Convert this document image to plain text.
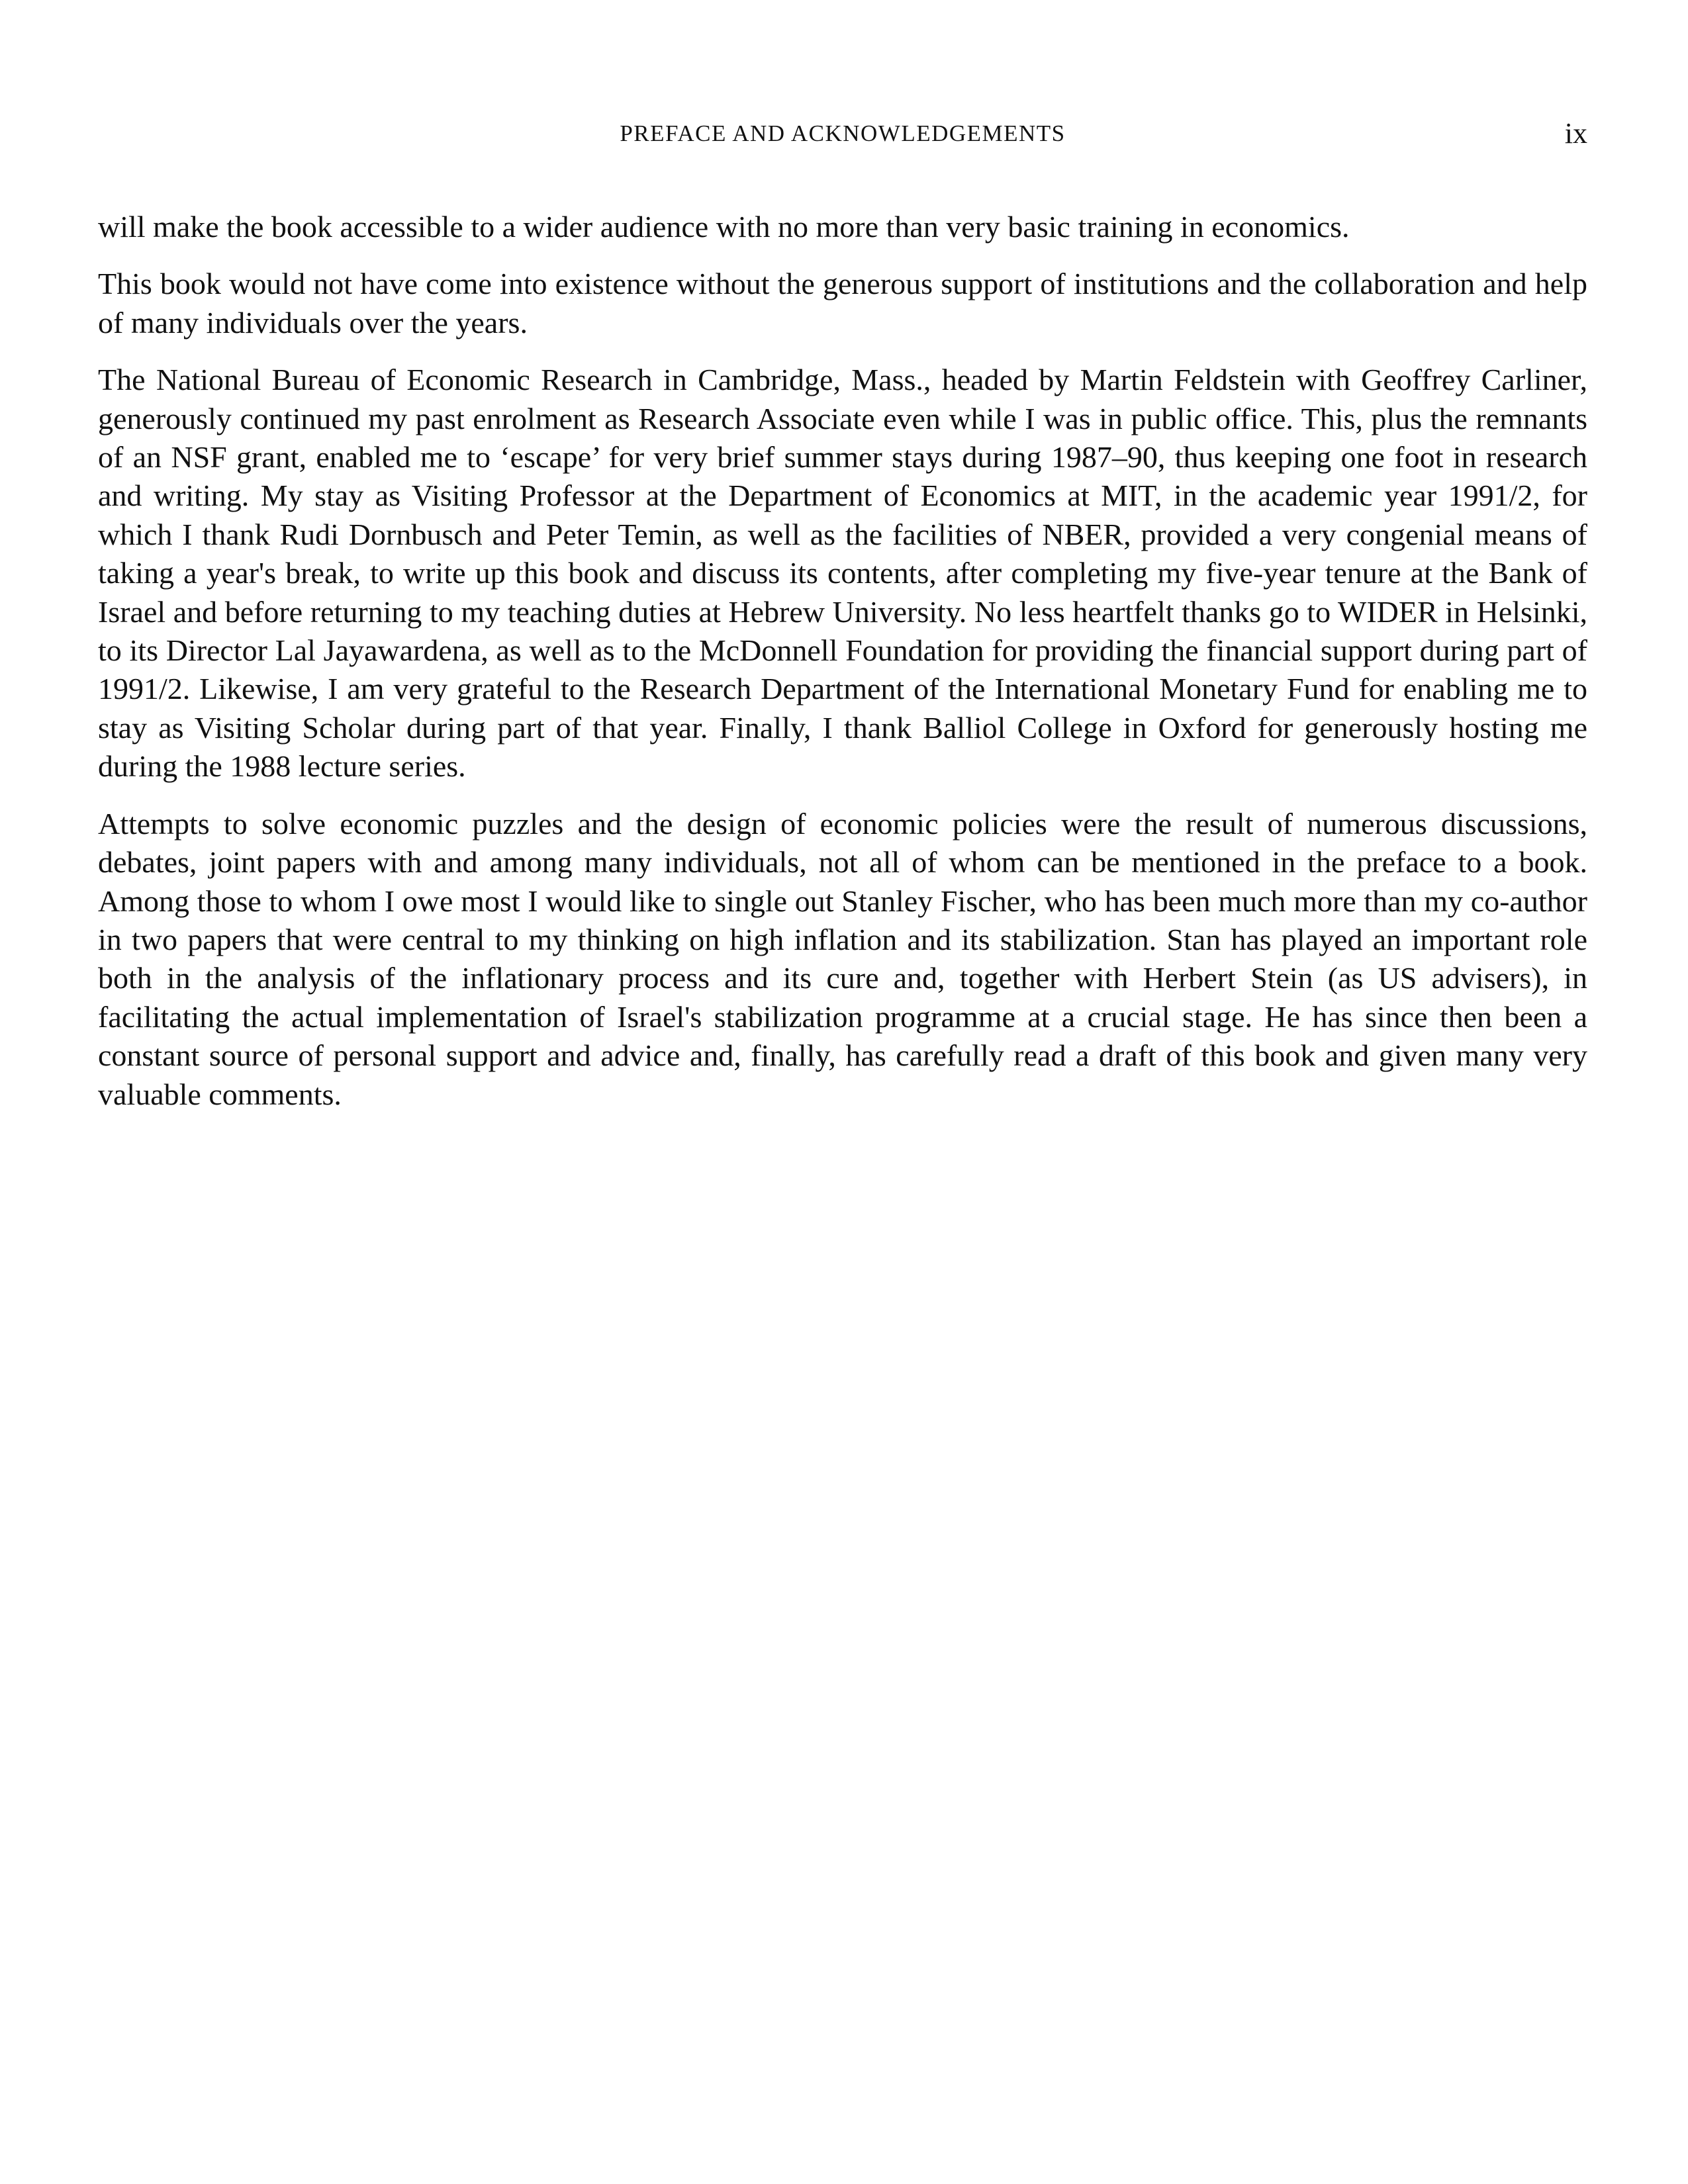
PREFACE AND ACKNOWLEDGEMENTS	ix

will make the book accessible to a wider audience with no more than very basic training in economics.

This book would not have come into existence without the generous support of institutions and the collaboration and help of many individuals over the years.

The National Bureau of Economic Research in Cambridge, Mass., headed by Martin Feldstein with Geoffrey Carliner, generously continued my past enrolment as Research Associate even while I was in public office. This, plus the remnants of an NSF grant, enabled me to ‘escape’ for very brief summer stays during 1987–90, thus keeping one foot in research and writing. My stay as Visiting Professor at the Department of Economics at MIT, in the academic year 1991/2, for which I thank Rudi Dornbusch and Peter Temin, as well as the facilities of NBER, provided a very congenial means of taking a year's break, to write up this book and discuss its contents, after completing my five-year tenure at the Bank of Israel and before returning to my teaching duties at Hebrew University. No less heartfelt thanks go to WIDER in Helsinki, to its Director Lal Jayawardena, as well as to the McDonnell Foundation for providing the financial support during part of 1991/2. Likewise, I am very grateful to the Research Department of the International Monetary Fund for enabling me to stay as Visiting Scholar during part of that year. Finally, I thank Balliol College in Oxford for generously hosting me during the 1988 lecture series.

Attempts to solve economic puzzles and the design of economic policies were the result of numerous discussions, debates, joint papers with and among many individuals, not all of whom can be mentioned in the preface to a book. Among those to whom I owe most I would like to single out Stanley Fischer, who has been much more than my co-author in two papers that were central to my thinking on high inflation and its stabilization. Stan has played an important role both in the analysis of the inflationary process and its cure and, together with Herbert Stein (as US advisers), in facilitating the actual implementation of Israel's stabilization programme at a crucial stage. He has since then been a constant source of personal support and advice and, finally, has carefully read a draft of this book and given many very valuable comments.
